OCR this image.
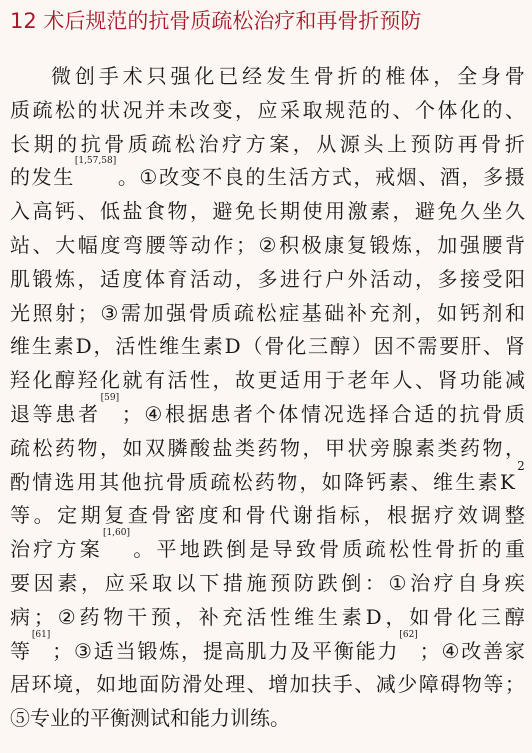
12 术后规范的抗骨质疏松治疗和再骨折预防
微 创 手 术 只 强 化 已 经 发 生 骨 折 的 椎 体 ， 全 身 骨
质 疏 松 的 状 况 并 未 改 变 ， 应 采 取 规 范 的 、 个 体 化 的 、
长 期 的 抗 骨 质 疏 松 治 疗 方 案 ， 从 源 头 上 预 防 再 骨 折
的 发 生
[1,57,58]
。 ① 改 变 不 良 的 生 活 方 式 ， 戒 烟 、 酒 ， 多 摄
入 高 钙 、 低 盐 食 物 ， 避 免 长 期 使 用 激 素 ， 避 免 久 坐 久
站 、 大 幅 度 弯 腰 等 动 作 ； ② 积 极 康 复 锻 炼 ， 加 强 腰 背
肌 锻 炼 ， 适 度 体 育 活 动 ， 多 进 行 户 外 活 动 ， 多 接 受 阳
光 照 射 ； ③ 需 加 强 骨 质 疏 松 症 基 础 补 充 剂 ， 如 钙 剂 和
维 生 素 D ， 活 性 维 生 素 D （ 骨 化 三 醇 ） 因 不 需 要 肝 、 肾
羟 化 醇 羟 化 就 有 活 性 ， 故 更 适 用 于 老 年 人 、 肾 功 能 减
退 等 患 者
[59]
； ④ 根 据 患 者 个 体 情 况 选 择 合 适 的 抗 骨 质
疏 松 药 物 ， 如 双 膦 酸 盐 类 药 物 ， 甲 状 旁 腺 素 类 药 物 ，
酌 情 选 用 其 他 抗 骨 质 疏 松 药 物 ， 如 降 钙 素 、 维 生 素 K
2
等 。 定 期 复 查 骨 密 度 和 骨 代 谢 指 标 ， 根 据 疗 效 调 整
治 疗 方 案
[1,60]
。 平 地 跌 倒 是 导 致 骨 质 疏 松 性 骨 折 的 重
要 因 素 ， 应 采 取 以 下 措 施 预 防 跌 倒 ： ① 治 疗 自 身 疾
病 ； ② 药 物 干 预 ， 补 充 活 性 维 生 素 D ， 如 骨 化 三 醇
等
[61]
； ③ 适 当 锻 炼 ， 提 高 肌 力 及 平 衡 能 力
[62]
； ④ 改 善 家
居 环 境 ， 如 地 面 防 滑 处 理 、 增 加 扶 手 、 减 少 障 碍 物 等 ；
⑤专业的平衡测试和能力训练。
